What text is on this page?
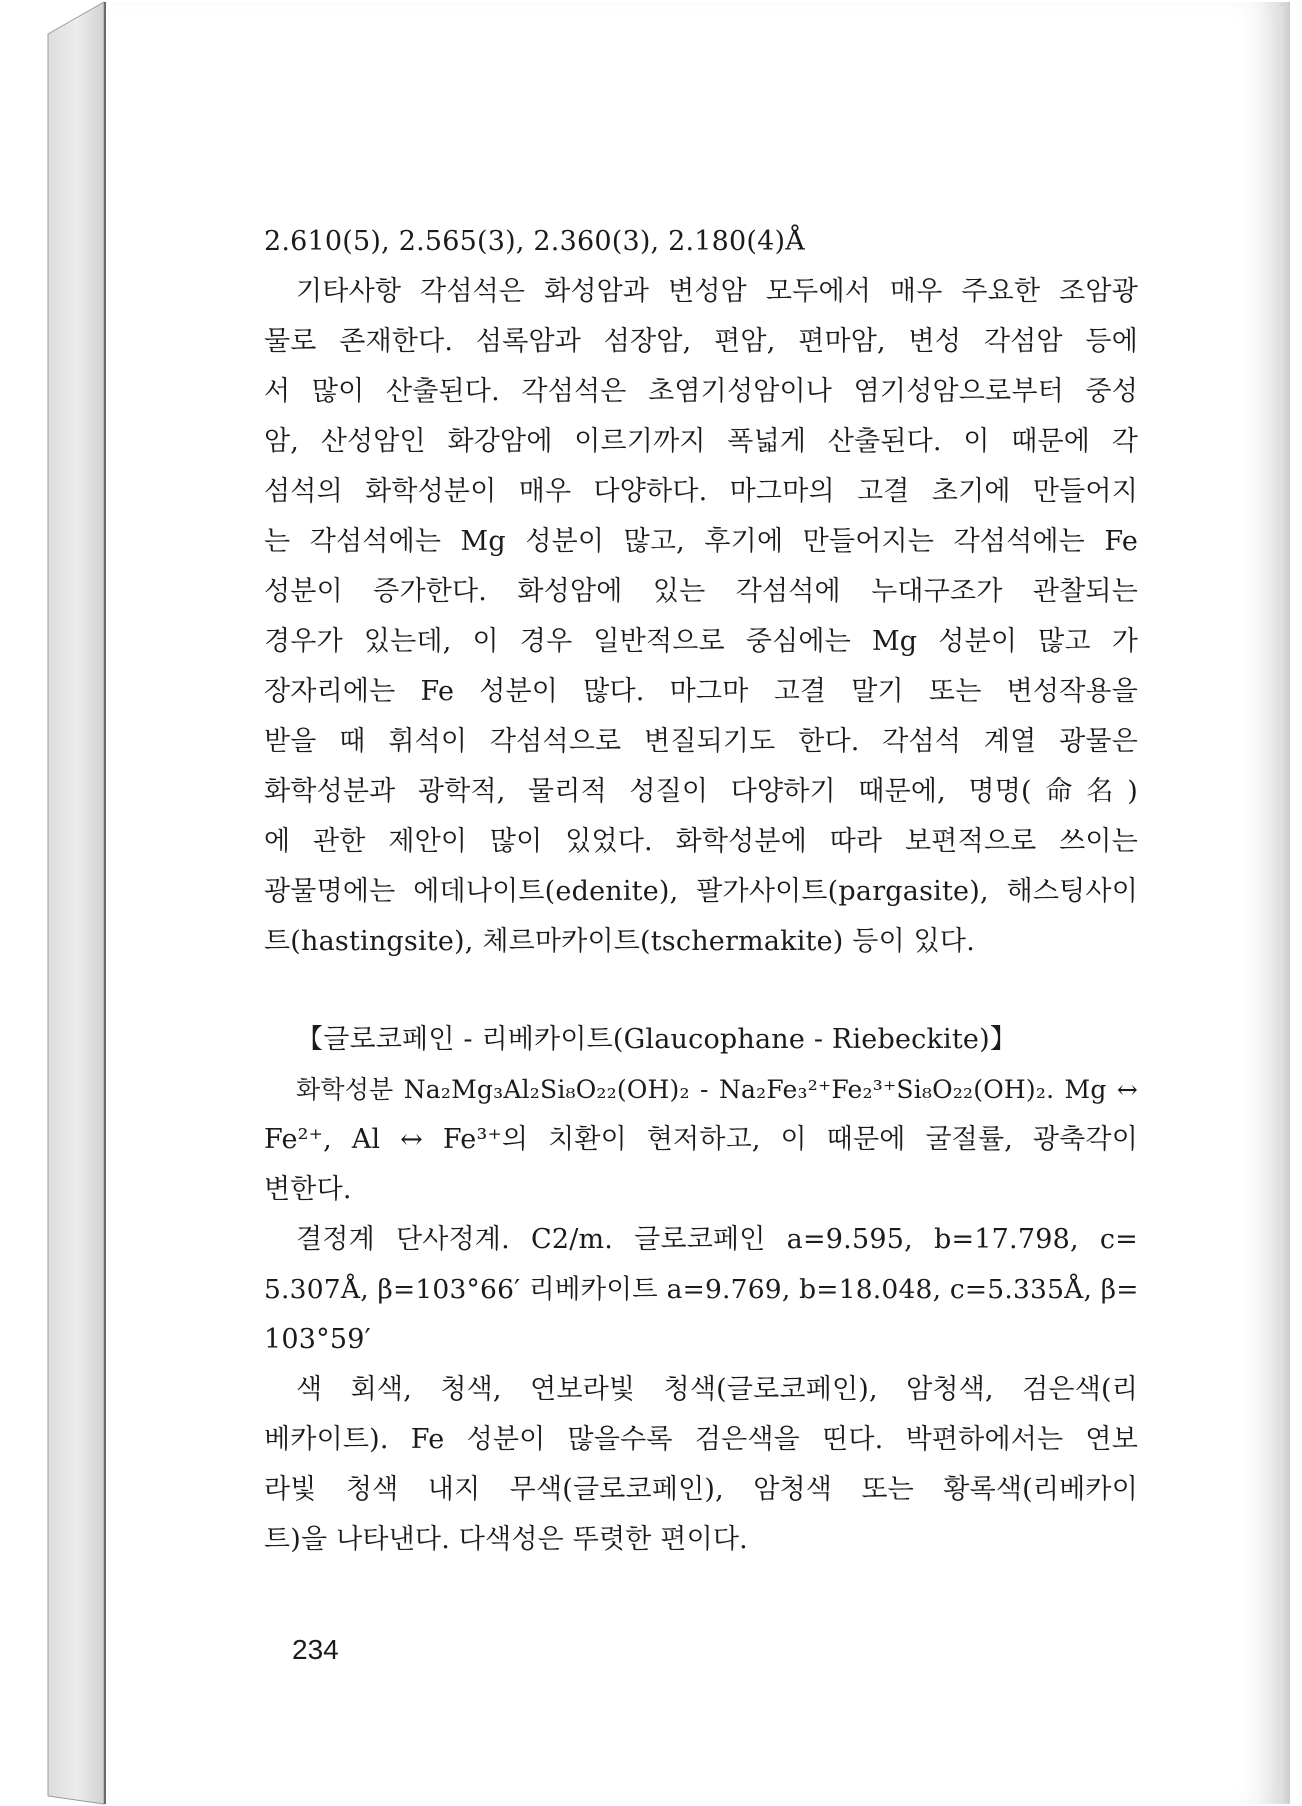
2.610(5), 2.565(3), 2.360(3), 2.180(4)Å
기타사항 각섬석은 화성암과 변성암 모두에서 매우 주요한 조암광
물로 존재한다. 섬록암과 섬장암, 편암, 편마암, 변성 각섬암 등에
서 많이 산출된다. 각섬석은 초염기성암이나 염기성암으로부터 중성
암, 산성암인 화강암에 이르기까지 폭넓게 산출된다. 이 때문에 각
섬석의 화학성분이 매우 다양하다. 마그마의 고결 초기에 만들어지
는 각섬석에는 Mg 성분이 많고, 후기에 만들어지는 각섬석에는 Fe
성분이 증가한다. 화성암에 있는 각섬석에 누대구조가 관찰되는
경우가 있는데, 이 경우 일반적으로 중심에는 Mg 성분이 많고 가
장자리에는 Fe 성분이 많다. 마그마 고결 말기 또는 변성작용을
받을 때 휘석이 각섬석으로 변질되기도 한다. 각섬석 계열 광물은
화학성분과 광학적, 물리적 성질이 다양하기 때문에, 명명(命名)
에 관한 제안이 많이 있었다. 화학성분에 따라 보편적으로 쓰이는
광물명에는 에데나이트(edenite), 팔가사이트(pargasite), 해스팅사이
트(hastingsite), 체르마카이트(tschermakite) 등이 있다.
【글로코페인 - 리베카이트(Glaucophane - Riebeckite)】
화학성분 Na₂Mg₃Al₂Si₈O₂₂(OH)₂ - Na₂Fe₃²⁺Fe₂³⁺Si₈O₂₂(OH)₂. Mg ↔
Fe²⁺, Al ↔ Fe³⁺의 치환이 현저하고, 이 때문에 굴절률, 광축각이
변한다.
결정계 단사정계. C2/m. 글로코페인 a=9.595, b=17.798, c=
5.307Å, β=103°66′ 리베카이트 a=9.769, b=18.048, c=5.335Å, β=
103°59′
색 회색, 청색, 연보라빛 청색(글로코페인), 암청색, 검은색(리
베카이트). Fe 성분이 많을수록 검은색을 띤다. 박편하에서는 연보
라빛 청색 내지 무색(글로코페인), 암청색 또는 황록색(리베카이
트)을 나타낸다. 다색성은 뚜렷한 편이다.
234
